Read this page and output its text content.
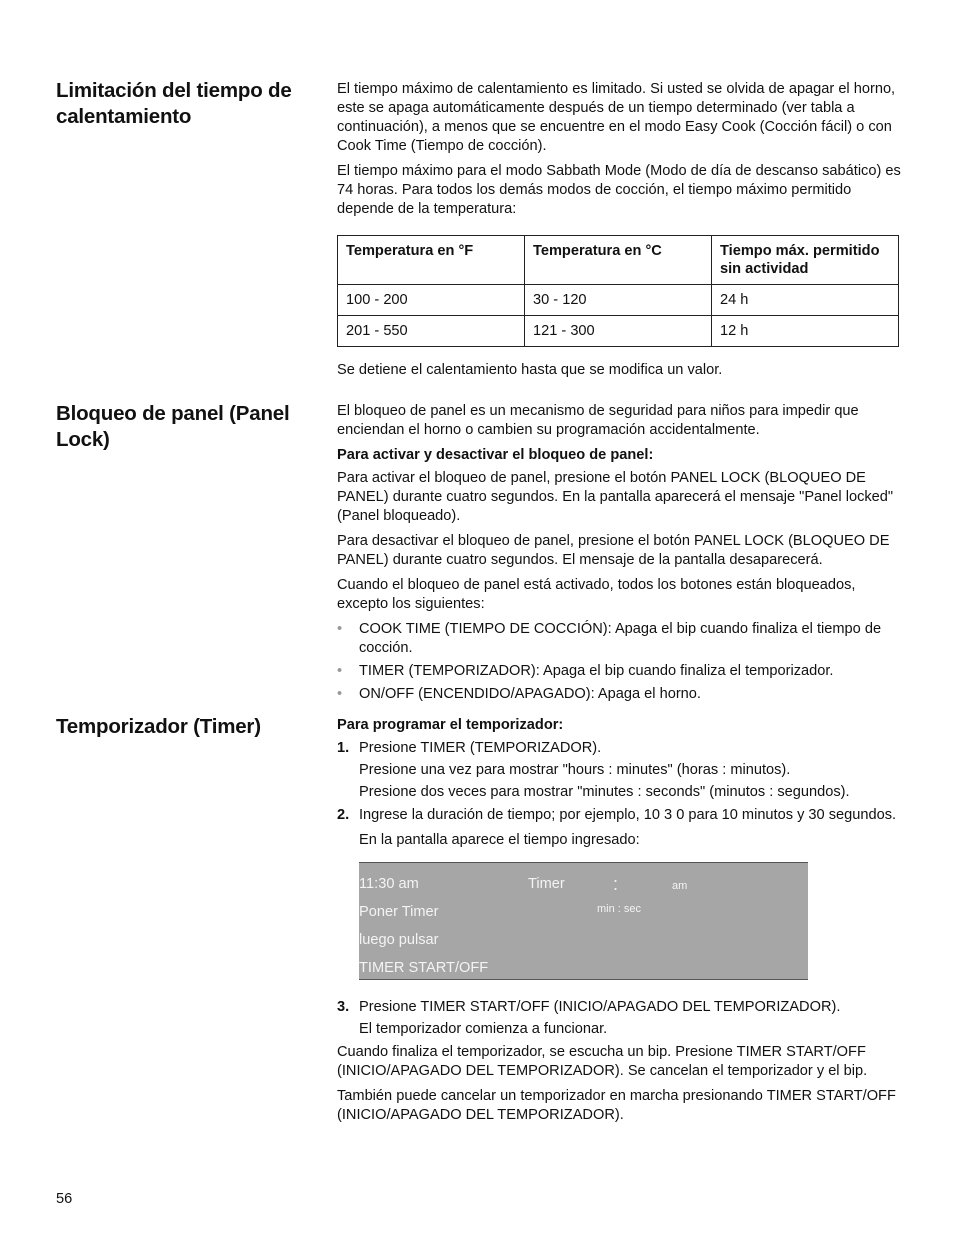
Limitación del tiempo de calentamiento

El tiempo máximo de calentamiento es limitado. Si usted se olvida de apagar el horno, este se apaga automáticamente después de un tiempo determinado (ver tabla a continuación), a menos que se encuentre en el modo Easy Cook (Cocción fácil) o con Cook Time (Tiempo de cocción).

El tiempo máximo para el modo Sabbath Mode (Modo de día de descanso sabático) es 74 horas. Para todos los demás modos de cocción, el tiempo máximo permitido depende de la temperatura:

Temperatura en °F	Temperatura en °C	Tiempo máx. permitido sin actividad
100 - 200	30 - 120	24 h
201 - 550	121 - 300	12 h

Se detiene el calentamiento hasta que se modifica un valor.

Bloqueo de panel (Panel Lock)

El bloqueo de panel es un mecanismo de seguridad para niños para impedir que enciendan el horno o cambien su programación accidentalmente.

Para activar y desactivar el bloqueo de panel:

Para activar el bloqueo de panel, presione el botón PANEL LOCK (BLOQUEO DE PANEL) durante cuatro segundos. En la pantalla aparecerá el mensaje "Panel locked" (Panel bloqueado).

Para desactivar el bloqueo de panel, presione el botón PANEL LOCK (BLOQUEO DE PANEL) durante cuatro segundos. El mensaje de la pantalla desaparecerá.

Cuando el bloqueo de panel está activado, todos los botones están bloqueados, excepto los siguientes:

• COOK TIME (TIEMPO DE COCCIÓN): Apaga el bip cuando finaliza el tiempo de cocción.
• TIMER (TEMPORIZADOR): Apaga el bip cuando finaliza el temporizador.
• ON/OFF (ENCENDIDO/APAGADO): Apaga el horno.
Temporizador (Timer)	Para programar el temporizador:

1. Presione TIMER (TEMPORIZADOR).
Presione una vez para mostrar "hours : minutes" (horas : minutos).
Presione dos veces para mostrar "minutes : seconds" (minutos : segundos).
2. Ingrese la duración de tiempo; por ejemplo, 10 3 0 para 10 minutos y 30 segundos.
En la pantalla aparece el tiempo ingresado:
11:30 am
Poner Timer
luego pulsar
TIMER START/OFF
Timer	:	am
min : sec
3. Presione TIMER START/OFF (INICIO/APAGADO DEL TEMPORIZADOR).
El temporizador comienza a funcionar.

Cuando finaliza el temporizador, se escucha un bip. Presione TIMER START/OFF (INICIO/APAGADO DEL TEMPORIZADOR). Se cancelan el temporizador y el bip.

También puede cancelar un temporizador en marcha presionando TIMER START/OFF (INICIO/APAGADO DEL TEMPORIZADOR).

56
